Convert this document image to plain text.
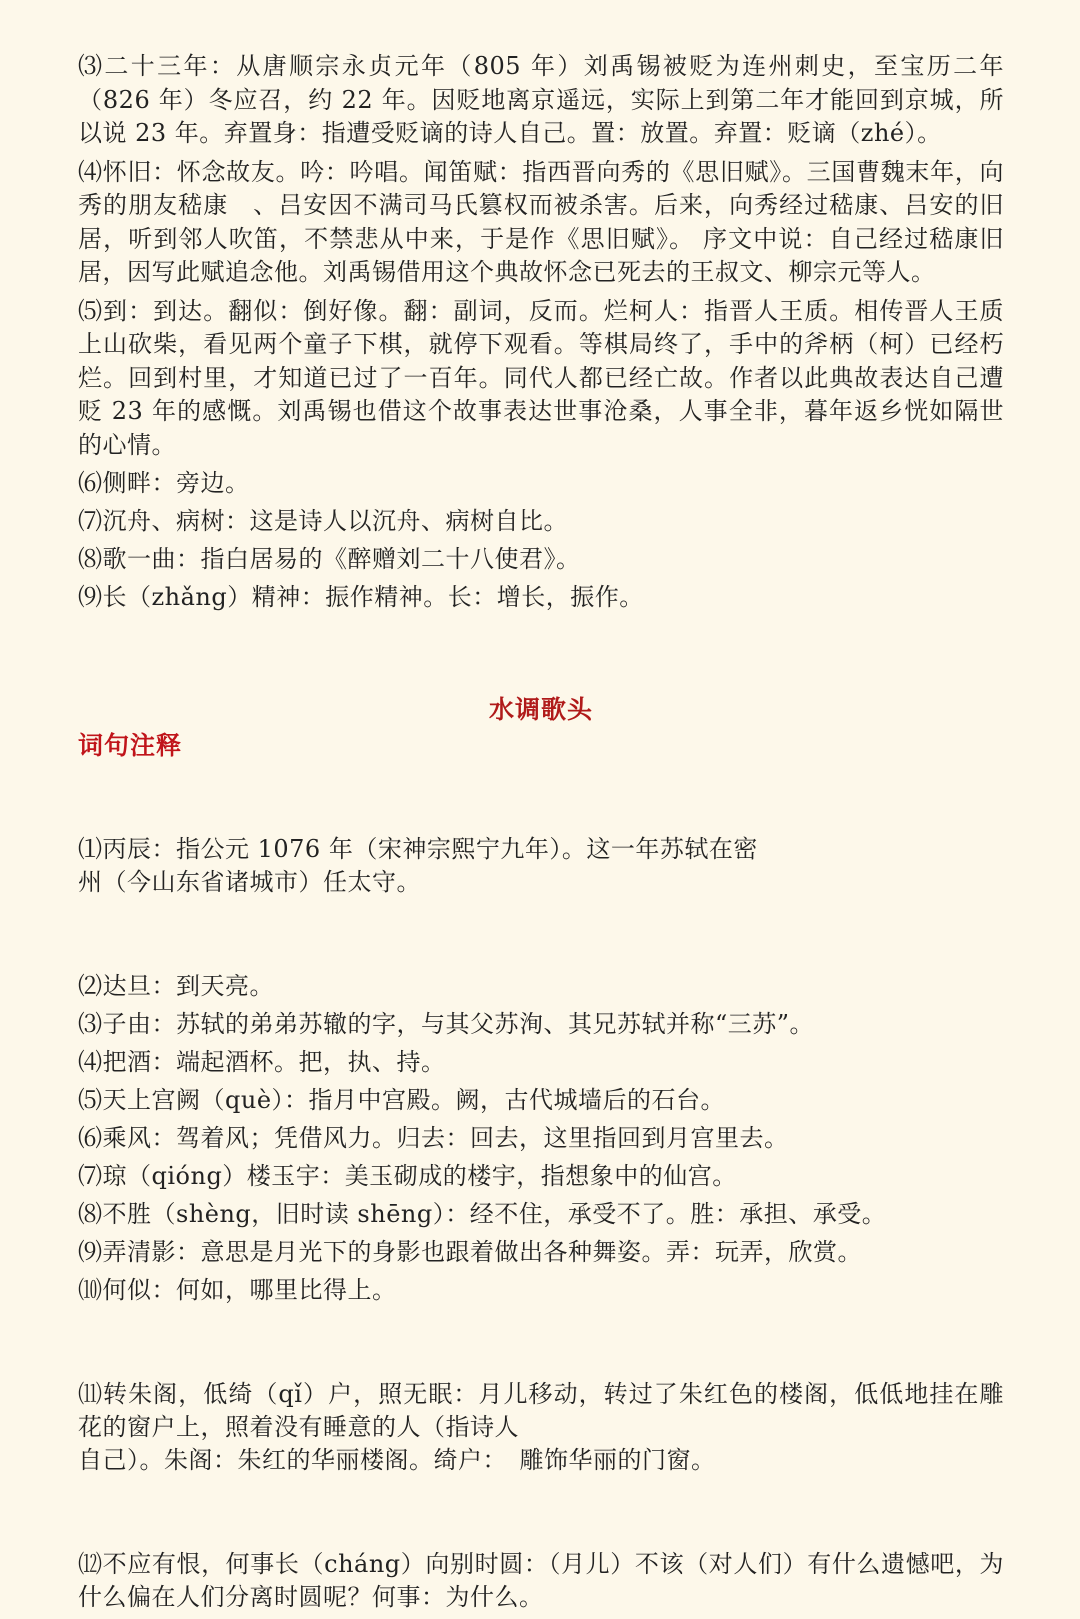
⑶二十三年：从唐顺宗永贞元年（805 年）刘禹锡被贬为连州刺史，至宝历二年（826 年）冬应召，约 22 年。因贬地离京遥远，实际上到第二年才能回到京城，所以说 23 年。弃置身：指遭受贬谪的诗人自己。置：放置。弃置：贬谪（zhé）。

⑷怀旧：怀念故友。吟：吟唱。闻笛赋：指西晋向秀的《思旧赋》。三国曹魏末年，向秀的朋友嵇康　、吕安因不满司马氏篡权而被杀害。后来，向秀经过嵇康、吕安的旧居，听到邻人吹笛，不禁悲从中来，于是作《思旧赋》。 序文中说：自己经过嵇康旧居，因写此赋追念他。刘禹锡借用这个典故怀念已死去的王叔文、柳宗元等人。

⑸到：到达。翻似：倒好像。翻：副词，反而。烂柯人：指晋人王质。相传晋人王质上山砍柴，看见两个童子下棋，就停下观看。等棋局终了，手中的斧柄（柯）已经朽烂。回到村里，才知道已过了一百年。同代人都已经亡故。作者以此典故表达自己遭贬 23 年的感慨。刘禹锡也借这个故事表达世事沧桑，人事全非，暮年返乡恍如隔世的心情。

⑹侧畔：旁边。

⑺沉舟、病树：这是诗人以沉舟、病树自比。

⑻歌一曲：指白居易的《醉赠刘二十八使君》。

⑼长（zhǎng）精神：振作精神。长：增长，振作。

水调歌头
词句注释

⑴丙辰：指公元 1076 年（宋神宗熙宁九年）。这一年苏轼在密
州（今山东省诸城市）任太守。

⑵达旦：到天亮。

⑶子由：苏轼的弟弟苏辙的字，与其父苏洵、其兄苏轼并称“三苏”。

⑷把酒：端起酒杯。把，执、持。

⑸天上宫阙（què）：指月中宫殿。阙，古代城墙后的石台。

⑹乘风：驾着风；凭借风力。归去：回去，这里指回到月宫里去。

⑺琼（qióng）楼玉宇：美玉砌成的楼宇，指想象中的仙宫。

⑻不胜（shèng，旧时读 shēng）：经不住，承受不了。胜：承担、承受。

⑼弄清影：意思是月光下的身影也跟着做出各种舞姿。弄：玩弄，欣赏。

⑽何似：何如，哪里比得上。

⑾转朱阁，低绮（qǐ）户，照无眠：月儿移动，转过了朱红色的楼阁，低低地挂在雕花的窗户上，照着没有睡意的人（指诗人
自己）。朱阁：朱红的华丽楼阁。绮户：　雕饰华丽的门窗。

⑿不应有恨，何事长（cháng）向别时圆：（月儿）不该（对人们）有什么遗憾吧，为什么偏在人们分离时圆呢？何事：为什么。
